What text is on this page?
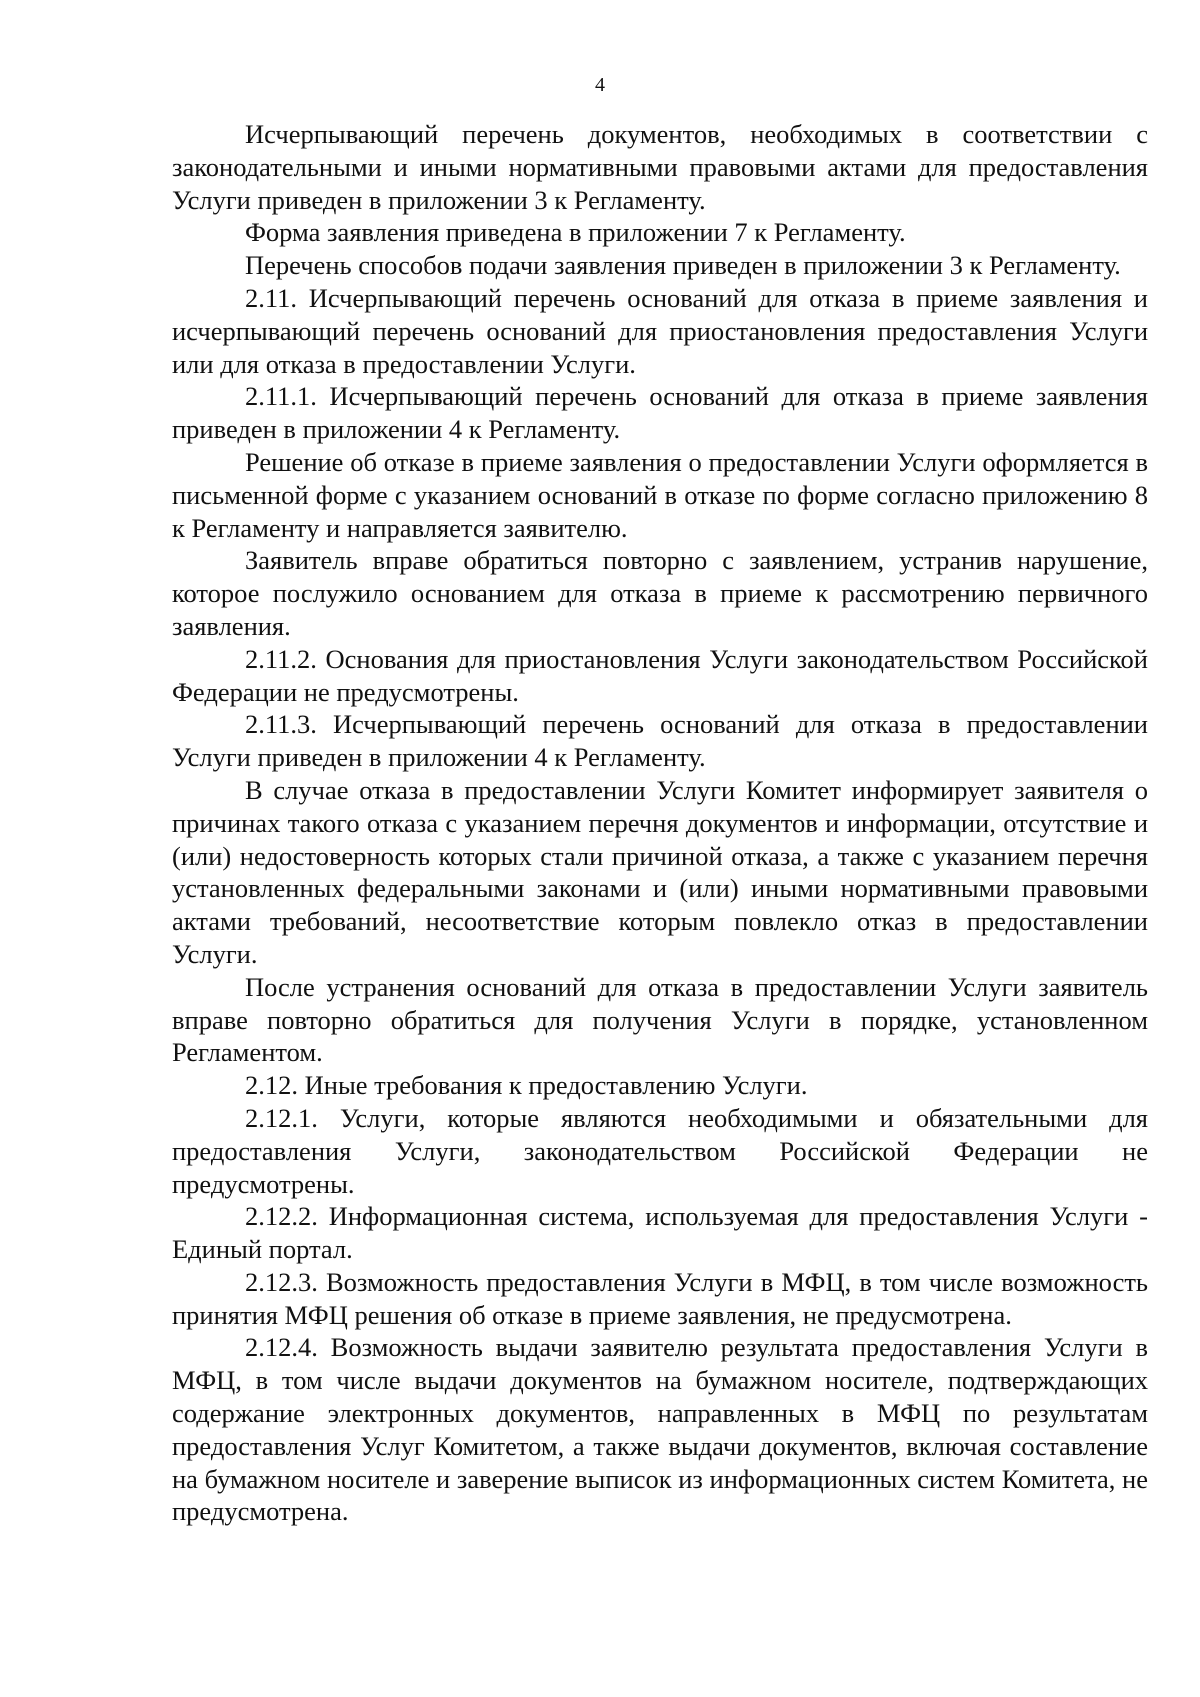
4

Исчерпывающий перечень документов, необходимых в соответствии с законодательными и иными нормативными правовыми актами для предоставления Услуги приведен в приложении 3 к Регламенту.

Форма заявления приведена в приложении 7 к Регламенту.

Перечень способов подачи заявления приведен в приложении 3 к Регламенту.

2.11. Исчерпывающий перечень оснований для отказа в приеме заявления и исчерпывающий перечень оснований для приостановления предоставления Услуги или для отказа в предоставлении Услуги.

2.11.1. Исчерпывающий перечень оснований для отказа в приеме заявления приведен в приложении 4 к Регламенту.

Решение об отказе в приеме заявления о предоставлении Услуги оформляется в письменной форме с указанием оснований в отказе по форме согласно приложению 8 к Регламенту и направляется заявителю.

Заявитель вправе обратиться повторно с заявлением, устранив нарушение, которое послужило основанием для отказа в приеме к рассмотрению первичного заявления.

2.11.2. Основания для приостановления Услуги законодательством Российской Федерации не предусмотрены.

2.11.3. Исчерпывающий перечень оснований для отказа в предоставлении Услуги приведен в приложении 4 к Регламенту.

В случае отказа в предоставлении Услуги Комитет информирует заявителя о причинах такого отказа с указанием перечня документов и информации, отсутствие и (или) недостоверность которых стали причиной отказа, а также с указанием перечня установленных федеральными законами и (или) иными нормативными правовыми актами требований, несоответствие которым повлекло отказ в предоставлении Услуги.

После устранения оснований для отказа в предоставлении Услуги заявитель вправе повторно обратиться для получения Услуги в порядке, установленном Регламентом.

2.12. Иные требования к предоставлению Услуги.

2.12.1. Услуги, которые являются необходимыми и обязательными для предоставления Услуги, законодательством Российской Федерации не предусмотрены.

2.12.2. Информационная система, используемая для предоставления Услуги - Единый портал.

2.12.3. Возможность предоставления Услуги в МФЦ, в том числе возможность принятия МФЦ решения об отказе в приеме заявления, не предусмотрена.

2.12.4. Возможность выдачи заявителю результата предоставления Услуги в МФЦ, в том числе выдачи документов на бумажном носителе, подтверждающих содержание электронных документов, направленных в МФЦ по результатам предоставления Услуг Комитетом, а также выдачи документов, включая составление на бумажном носителе и заверение выписок из информационных систем Комитета, не предусмотрена.
